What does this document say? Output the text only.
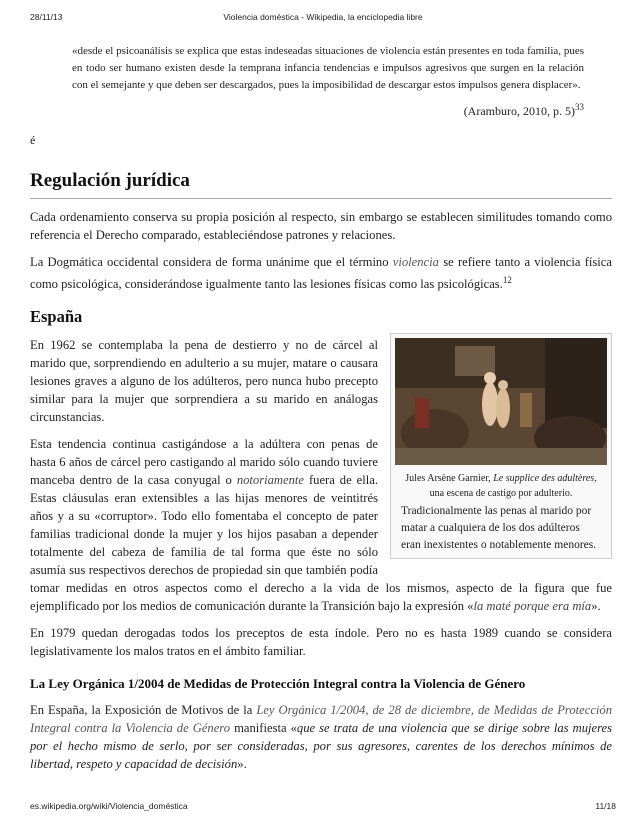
28/11/13	Violencia doméstica - Wikipedia, la enciclopedia libre
«desde el psicoanálisis se explica que estas indeseadas situaciones de violencia están presentes en toda familia, pues en todo ser humano existen desde la temprana infancia tendencias e impulsos agresivos que surgen en la relación con el semejante y que deben ser descargados, pues la imposibilidad de descargar estos impulsos genera displacer».
(Aramburo, 2010, p. 5)$^{33}$
é
Regulación jurídica

Cada ordenamiento conserva su propia posición al respecto, sin embargo se establecen similitudes tomando como referencia el Derecho comparado, estableciéndose patrones y relaciones.

La Dogmática occidental considera de forma unánime que el término violencia se refiere tanto a violencia física como psicológica, considerándose igualmente tanto las lesiones físicas como las psicológicas.$^{12}$

España
Jules Arsène Garnier, Le supplice des adultères,
una escena de castigo por adulterio.
Tradicionalmente las penas al marido por matar a cualquiera de los dos adúlteros eran inexistentes o notablemente menores.

En 1962 se contemplaba la pena de destierro y no de cárcel al marido que, sorprendiendo en adulterio a su mujer, matare o causara lesiones graves a alguno de los adúlteros, pero nunca hubo precepto similar para la mujer que sorprendiera a su marido en análogas circunstancias.

Esta tendencia continua castigándose a la adúltera con penas de hasta 6 años de cárcel pero castigando al marido sólo cuando tuviere manceba dentro de la casa conyugal o notoriamente fuera de ella. Estas cláusulas eran extensibles a las hijas menores de veintitrés años y a su «corruptor». Todo ello fomentaba el concepto de pater familias tradicional donde la mujer y los hijos pasaban a depender totalmente del cabeza de familia de tal forma que éste no sólo asumía sus respectivos derechos de propiedad sin que también podía tomar medidas en otros aspectos como el derecho a la vida de los mismos, aspecto de la figura que fue ejemplificado por los medios de comunicación durante la Transición bajo la expresión «la maté porque era mía».

En 1979 quedan derogadas todos los preceptos de esta índole. Pero no es hasta 1989 cuando se considera legislativamente los malos tratos en el ámbito familiar.

La Ley Orgánica 1/2004 de Medidas de Protección Integral contra la Violencia de Género

En España, la Exposición de Motivos de la Ley Orgánica 1/2004, de 28 de diciembre, de Medidas de Protección Integral contra la Violencia de Género manifiesta «que se trata de una violencia que se dirige sobre las mujeres por el hecho mismo de serlo, por ser consideradas, por sus agresores, carentes de los derechos mínimos de libertad, respeto y capacidad de decisión».

es.wikipedia.org/wiki/Violencia_doméstica	11/18
